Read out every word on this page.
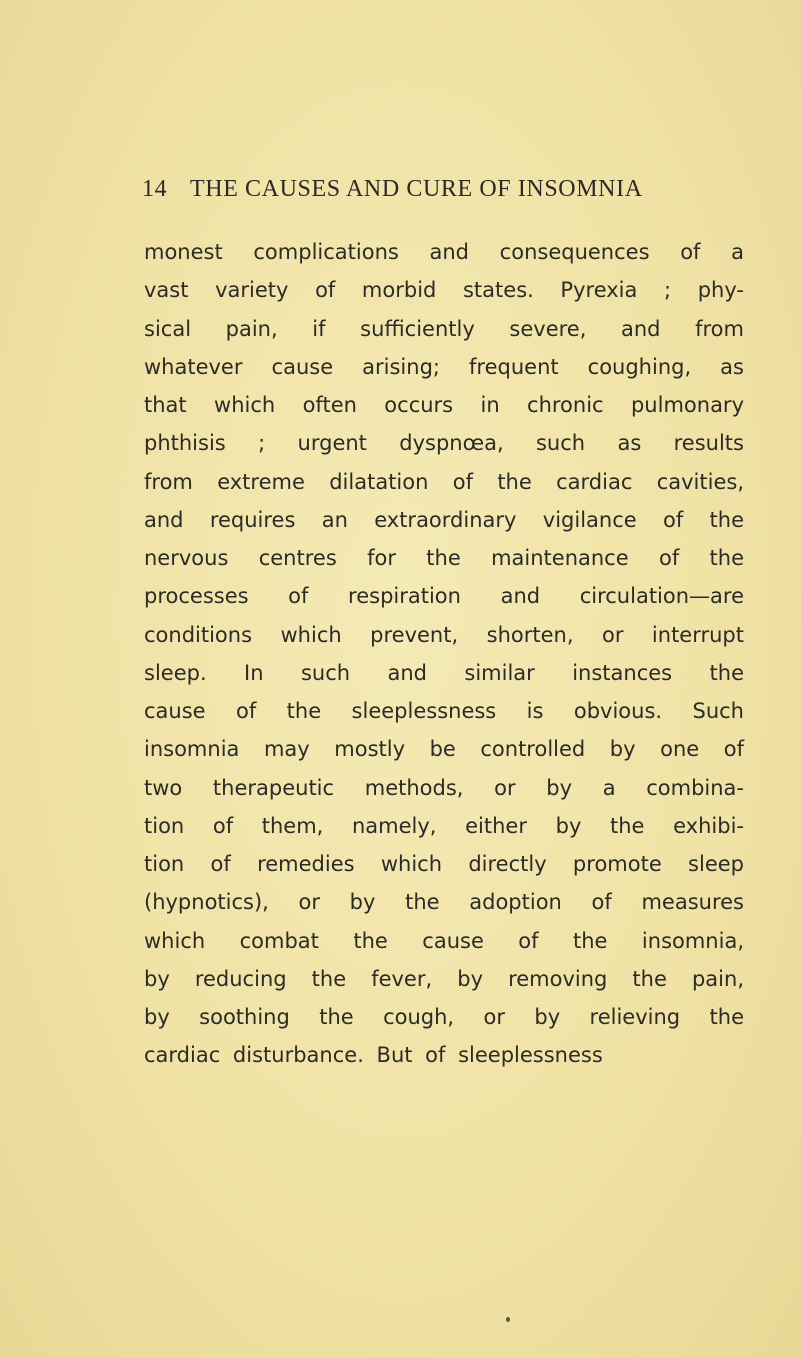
14 THE CAUSES AND CURE OF INSOMNIA
monest complications and consequences of a
vast variety of morbid states. Pyrexia ; phy-
sical pain, if sufficiently severe, and from
whatever cause arising; frequent coughing, as
that which often occurs in chronic pulmonary
phthisis ; urgent dyspnœa, such as results
from extreme dilatation of the cardiac cavities,
and requires an extraordinary vigilance of the
nervous centres for the maintenance of the
processes of respiration and circulation—are
conditions which prevent, shorten, or interrupt
sleep. In such and similar instances the
cause of the sleeplessness is obvious. Such
insomnia may mostly be controlled by one of
two therapeutic methods, or by a combina-
tion of them, namely, either by the exhibi-
tion of remedies which directly promote sleep
(hypnotics), or by the adoption of measures
which combat the cause of the insomnia,
by reducing the fever, by removing the pain,
by soothing the cough, or by relieving the
cardiac disturbance. But of sleeplessness
